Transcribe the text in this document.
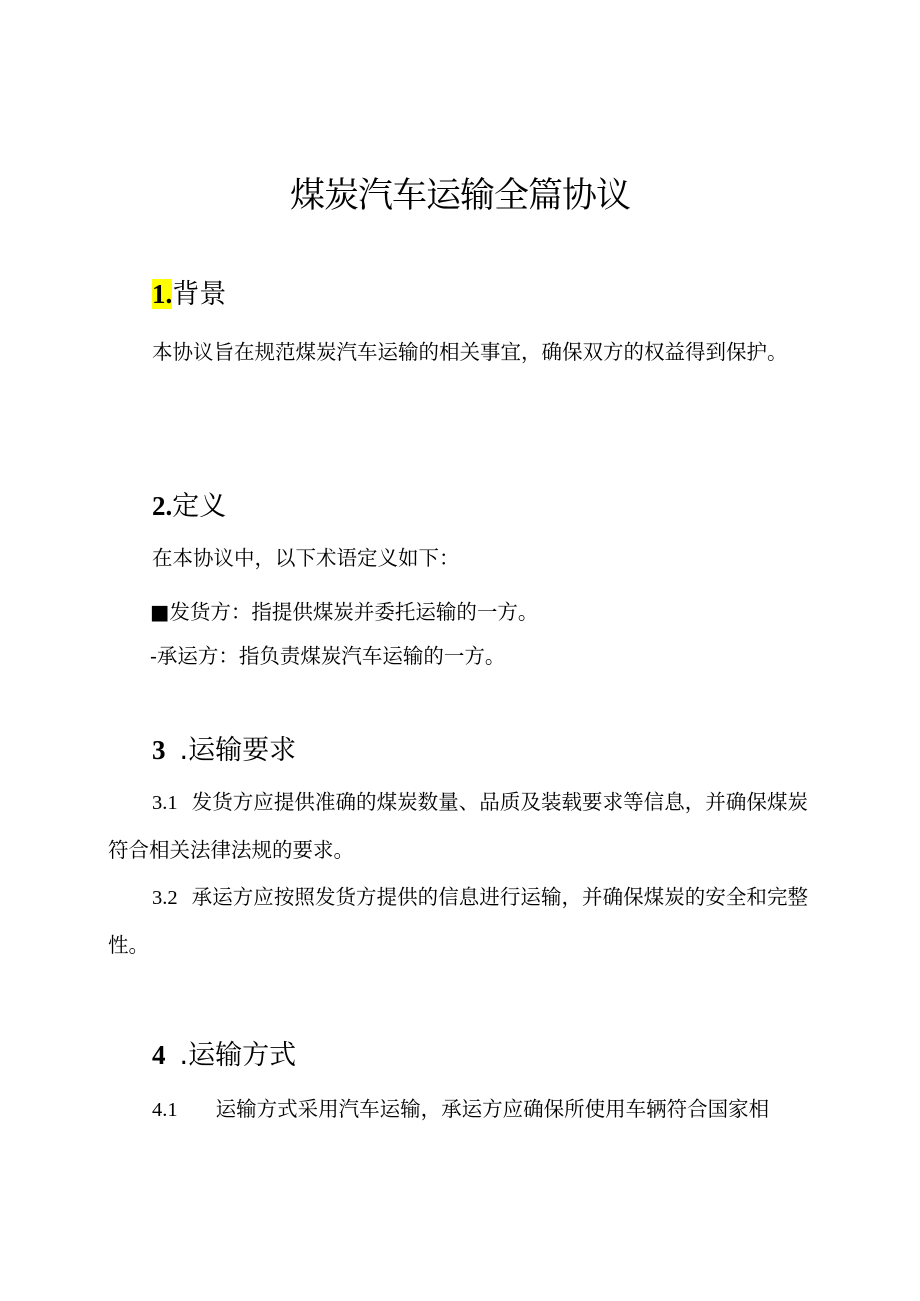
煤炭汽车运输全篇协议
1.背景
本协议旨在规范煤炭汽车运输的相关事宜，确保双方的权益得到保护。
2.定义
在本协议中，以下术语定义如下：
■发货方：指提供煤炭并委托运输的一方。
-承运方：指负责煤炭汽车运输的一方。
3 .运输要求
3.1 发货方应提供准确的煤炭数量、品质及装载要求等信息，并确保煤炭符合相关法律法规的要求。
3.2 承运方应按照发货方提供的信息进行运输，并确保煤炭的安全和完整性。
4 .运输方式
4.1 运输方式采用汽车运输，承运方应确保所使用车辆符合国家相
